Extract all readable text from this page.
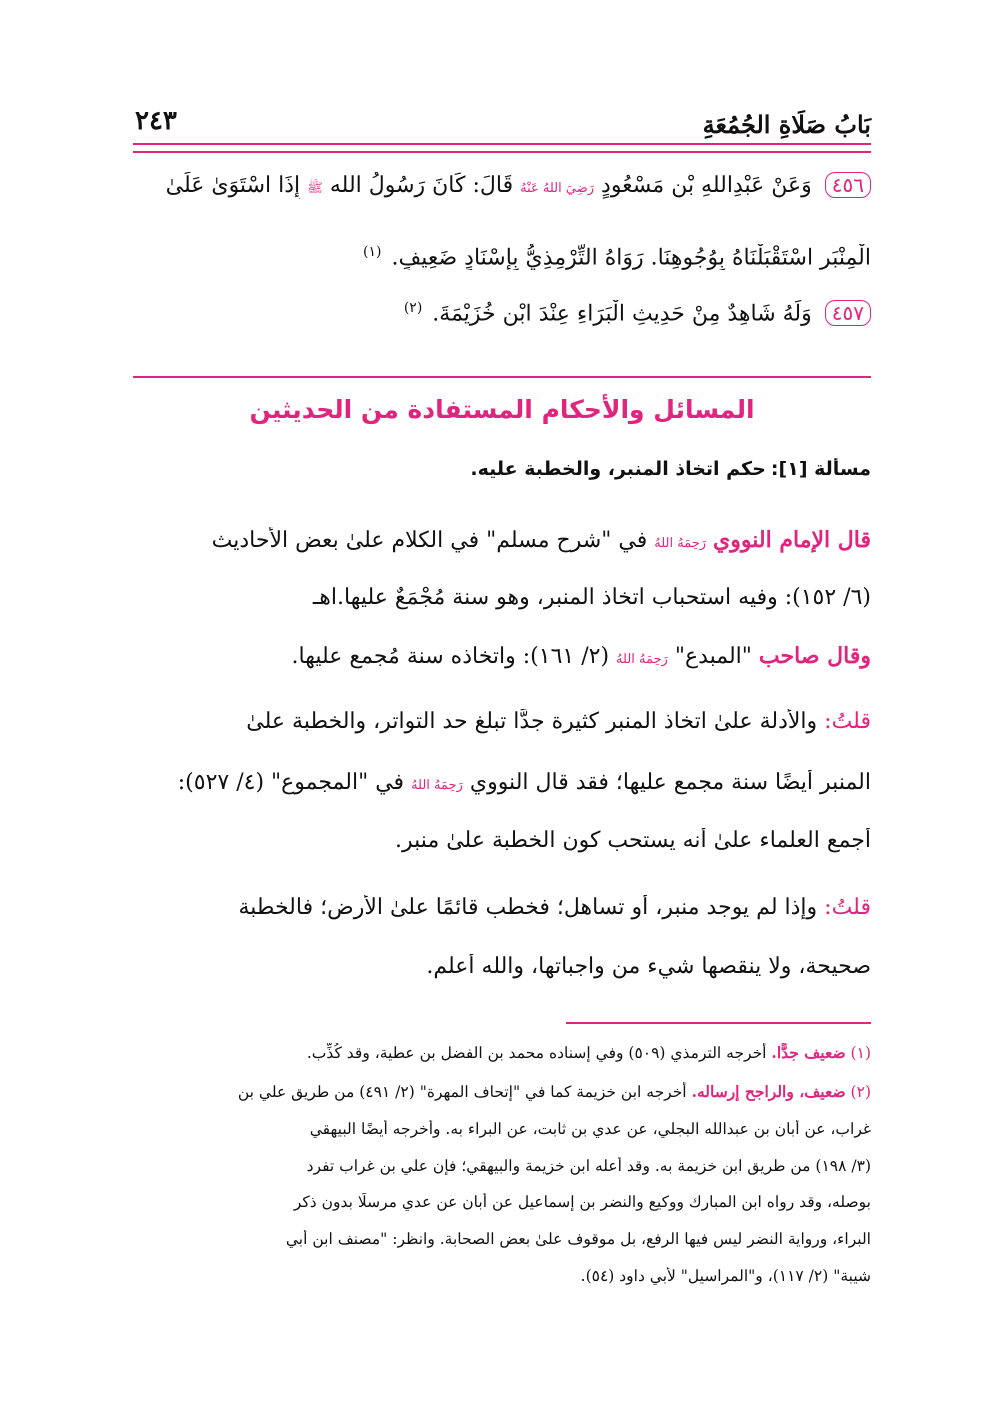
بَابُ صَلَاةِ الجُمُعَةِ
٢٤٣
٤٥٦ وَعَنْ عَبْدِاللهِ بْنِ مَسْعُودٍ رَضِيَ اللهُ عَنْهُ قَالَ: كَانَ رَسُولُ الله ﷺ إِذَا اسْتَوَىٰ عَلَىٰ
الْمِنْبَرِ اسْتَقْبَلْنَاهُ بِوُجُوهِنَا. رَوَاهُ التِّرْمِذِيُّ بِإِسْنَادٍ ضَعِيفٍ. $^{(١)}$
٤٥٧ وَلَهُ شَاهِدٌ مِنْ حَدِيثِ الْبَرَاءِ عِنْدَ ابْنِ خُزَيْمَةَ. $^{(٢)}$
المسائل والأحكام المستفادة من الحديثين
مسألة [١]: حكم اتخاذ المنبر، والخطبة عليه.
قال الإمام النووي رَحِمَهُ اللهُ في "شرح مسلم" في الكلام علىٰ بعض الأحاديث
(٦/ ١٥٢): وفيه استحباب اتخاذ المنبر، وهو سنة مُجْمَعٌ عليها.اهـ
وقال صاحب "المبدع" رَحِمَهُ اللهُ (٢/ ١٦١): واتخاذه سنة مُجمع عليها.
قلتُ: والأدلة علىٰ اتخاذ المنبر كثيرة جدًّا تبلغ حد التواتر، والخطبة علىٰ
المنبر أيضًا سنة مجمع عليها؛ فقد قال النووي رَحِمَهُ اللهُ في "المجموع" (٤/ ٥٢٧):
أجمع العلماء علىٰ أنه يستحب كون الخطبة علىٰ منبر.
قلتُ: وإذا لم يوجد منبر، أو تساهل؛ فخطب قائمًا علىٰ الأرض؛ فالخطبة
صحيحة، ولا ينقصها شيء من واجباتها، والله أعلم.
(١) ضعيف جدًّا. أخرجه الترمذي (٥٠٩) وفي إسناده محمد بن الفضل بن عطية، وقد كُذِّب.
(٢) ضعيف، والراجح إرساله. أخرجه ابن خزيمة كما في "إتحاف المهرة" (٢/ ٤٩١) من طريق علي بن
غراب، عن أبان بن عبدالله البجلي، عن عدي بن ثابت، عن البراء به. وأخرجه أيضًا البيهقي
(٣/ ١٩٨) من طريق ابن خزيمة به. وقد أعله ابن خزيمة والبيهقي؛ فإن علي بن غراب تفرد
بوصله، وقد رواه ابن المبارك ووكيع والنضر بن إسماعيل عن أبان عن عدي مرسلًا بدون ذكر
البراء، ورواية النضر ليس فيها الرفع، بل موقوف علىٰ بعض الصحابة. وانظر: "مصنف ابن أبي
شيبة" (٢/ ١١٧)، و"المراسيل" لأبي داود (٥٤).
